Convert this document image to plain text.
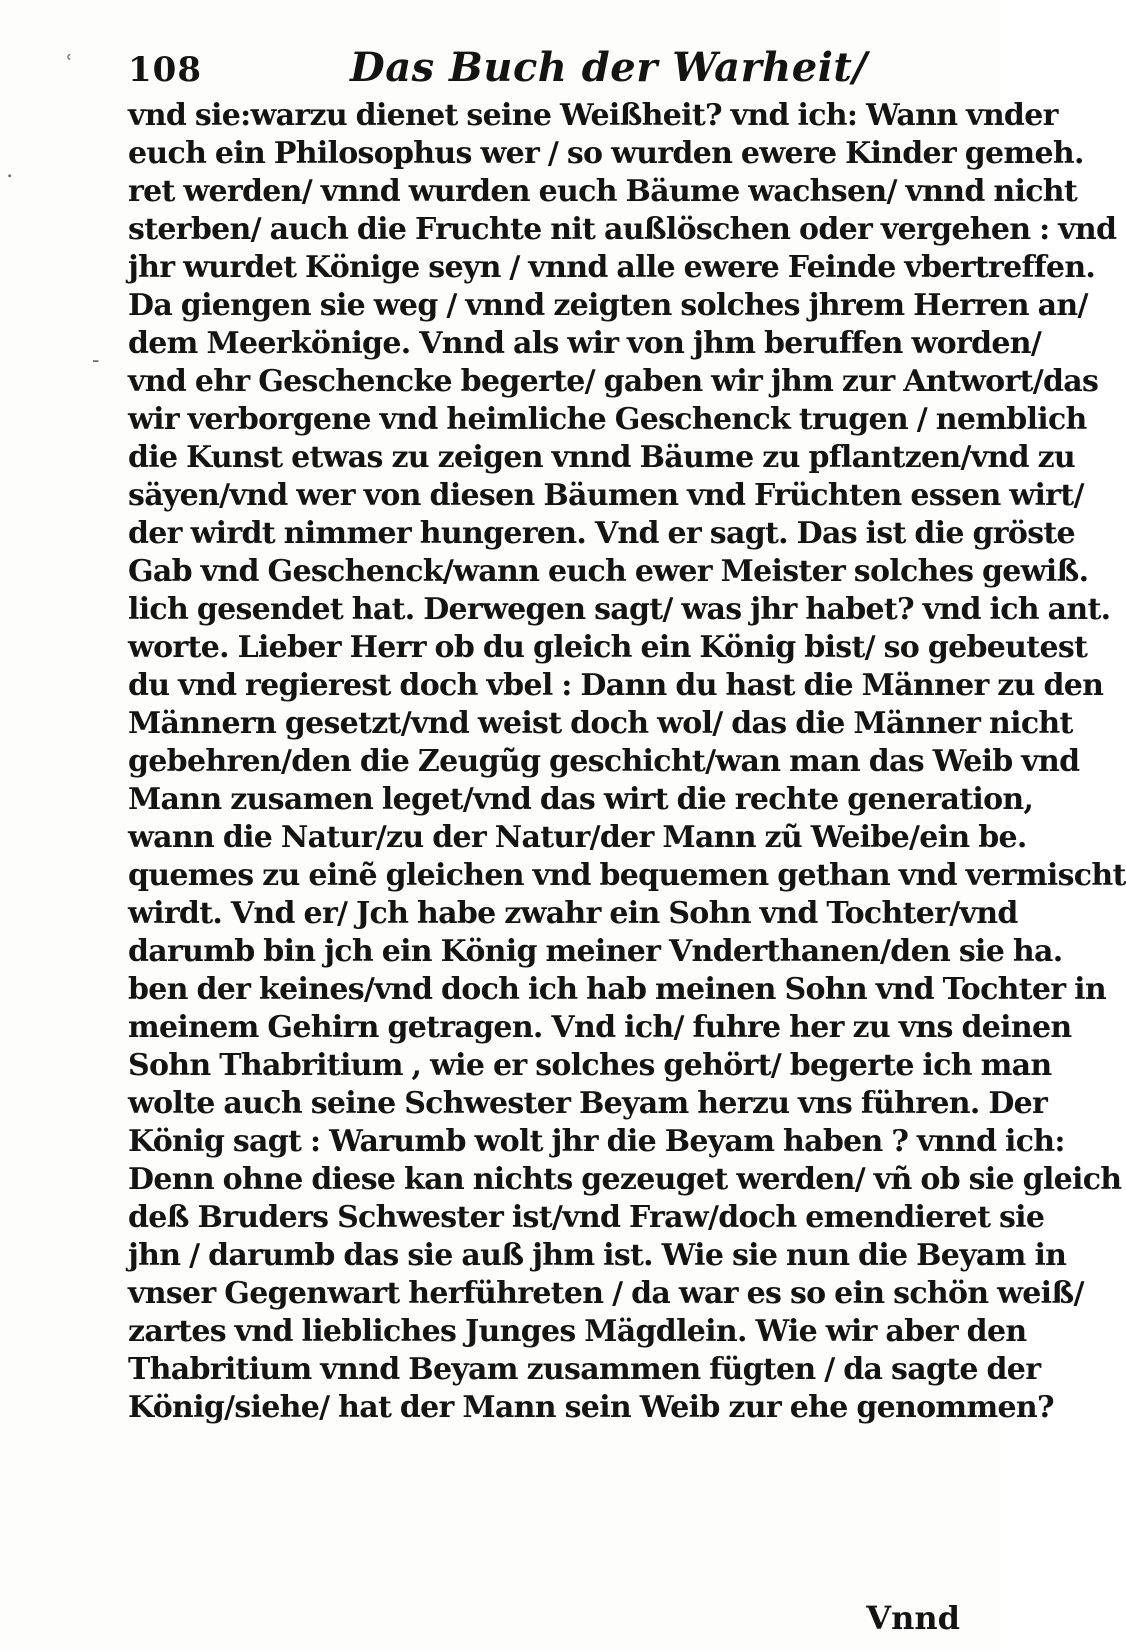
․
ʿ
‐
108	Das Buch der Warheit/
vnd sie:warzu dienet seine Weißheit? vnd ich: Wann vnder
euch ein Philosophus wer / so wurden ewere Kinder gemeh.
ret werden/ vnnd wurden euch Bäume wachsen/ vnnd nicht
sterben/ auch die Fruchte nit außlöschen oder vergehen : vnd
jhr wurdet Könige seyn / vnnd alle ewere Feinde vbertreffen.
Da giengen sie weg / vnnd zeigten solches jhrem Herren an/
dem Meerkönige. Vnnd als wir von jhm beruffen worden/
vnd ehr Geschencke begerte/ gaben wir jhm zur Antwort/das
wir verborgene vnd heimliche Geschenck trugen / nemblich
die Kunst etwas zu zeigen vnnd Bäume zu pflantzen/vnd zu
säyen/vnd wer von diesen Bäumen vnd Früchten essen wirt/
der wirdt nimmer hungeren. Vnd er sagt. Das ist die gröste
Gab vnd Geschenck/wann euch ewer Meister solches gewiß.
lich gesendet hat. Derwegen sagt/ was jhr habet? vnd ich ant.
worte. Lieber Herr ob du gleich ein König bist/ so gebeutest
du vnd regierest doch vbel : Dann du hast die Männer zu den
Männern gesetzt/vnd weist doch wol/ das die Männer nicht
gebehren/den die Zeugũg geschicht/wan man das Weib vnd
Mann zusamen leget/vnd das wirt die rechte generation,
wann die Natur/zu der Natur/der Mann zũ Weibe/ein be.
quemes zu einẽ gleichen vnd bequemen gethan vnd vermischt
wirdt. Vnd er/ Jch habe zwahr ein Sohn vnd Tochter/vnd
darumb bin jch ein König meiner Vnderthanen/den sie ha.
ben der keines/vnd doch ich hab meinen Sohn vnd Tochter in
meinem Gehirn getragen. Vnd ich/ fuhre her zu vns deinen
Sohn Thabritium , wie er solches gehört/ begerte ich man
wolte auch seine Schwester Beyam herzu vns führen. Der
König sagt : Warumb wolt jhr die Beyam haben ? vnnd ich:
Denn ohne diese kan nichts gezeuget werden/ vñ ob sie gleich
deß Bruders Schwester ist/vnd Fraw/doch emendieret sie
jhn / darumb das sie auß jhm ist. Wie sie nun die Beyam in
vnser Gegenwart herführeten / da war es so ein schön weiß/
zartes vnd liebliches Junges Mägdlein. Wie wir aber den
Thabritium vnnd Beyam zusammen fügten / da sagte der
König/siehe/ hat der Mann sein Weib zur ehe genommen?
Vnnd
